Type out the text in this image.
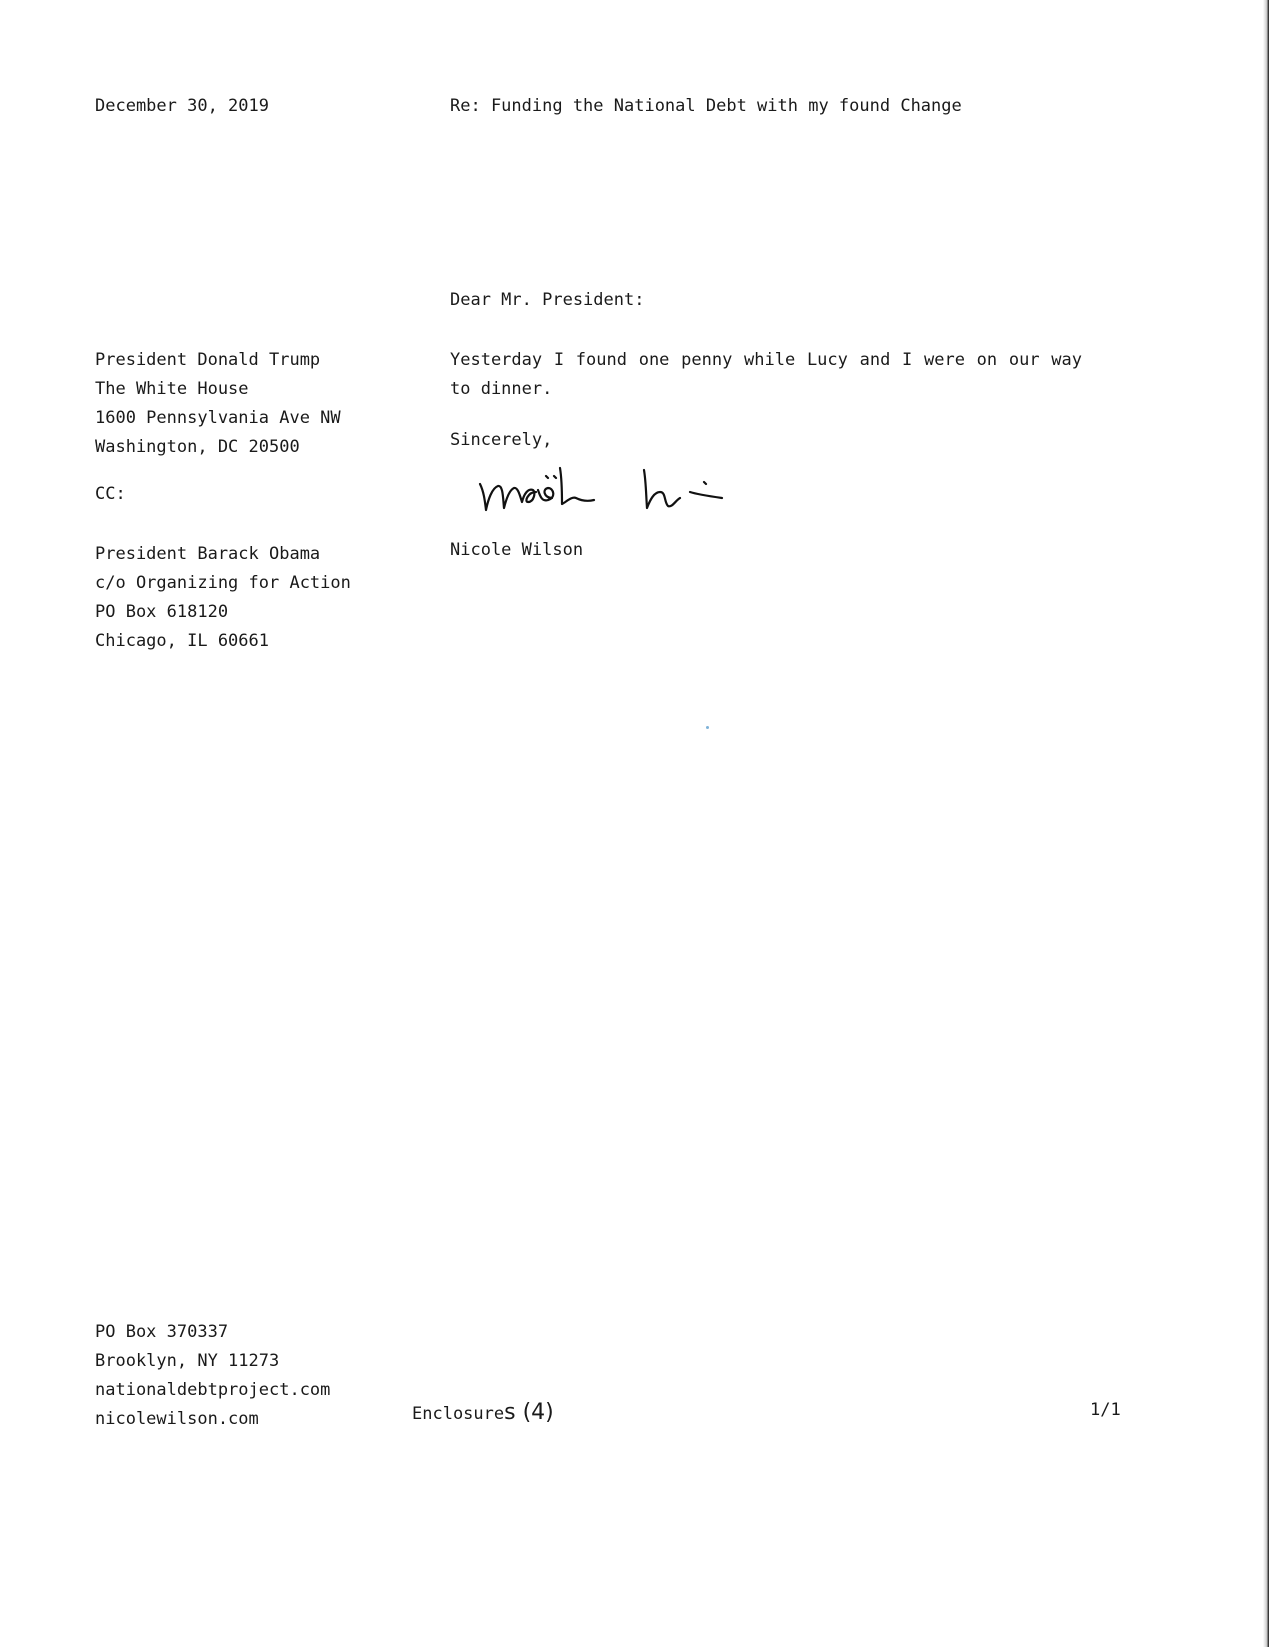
December 30, 2019	Re: Funding the National Debt with my found Change
Dear Mr. President:
President Donald Trump
The White House
1600 Pennsylvania Ave NW
Washington, DC 20500
CC:
President Barack Obama
c/o Organizing for Action
PO Box 618120
Chicago, IL 60661
Yesterday I found one penny while Lucy and I were on our way to dinner.
Sincerely,
Nicole Wilson
PO Box 370337
Brooklyn, NY 11273
nationaldebtproject.com
nicolewilson.com	Enclosures (4)	1/1
